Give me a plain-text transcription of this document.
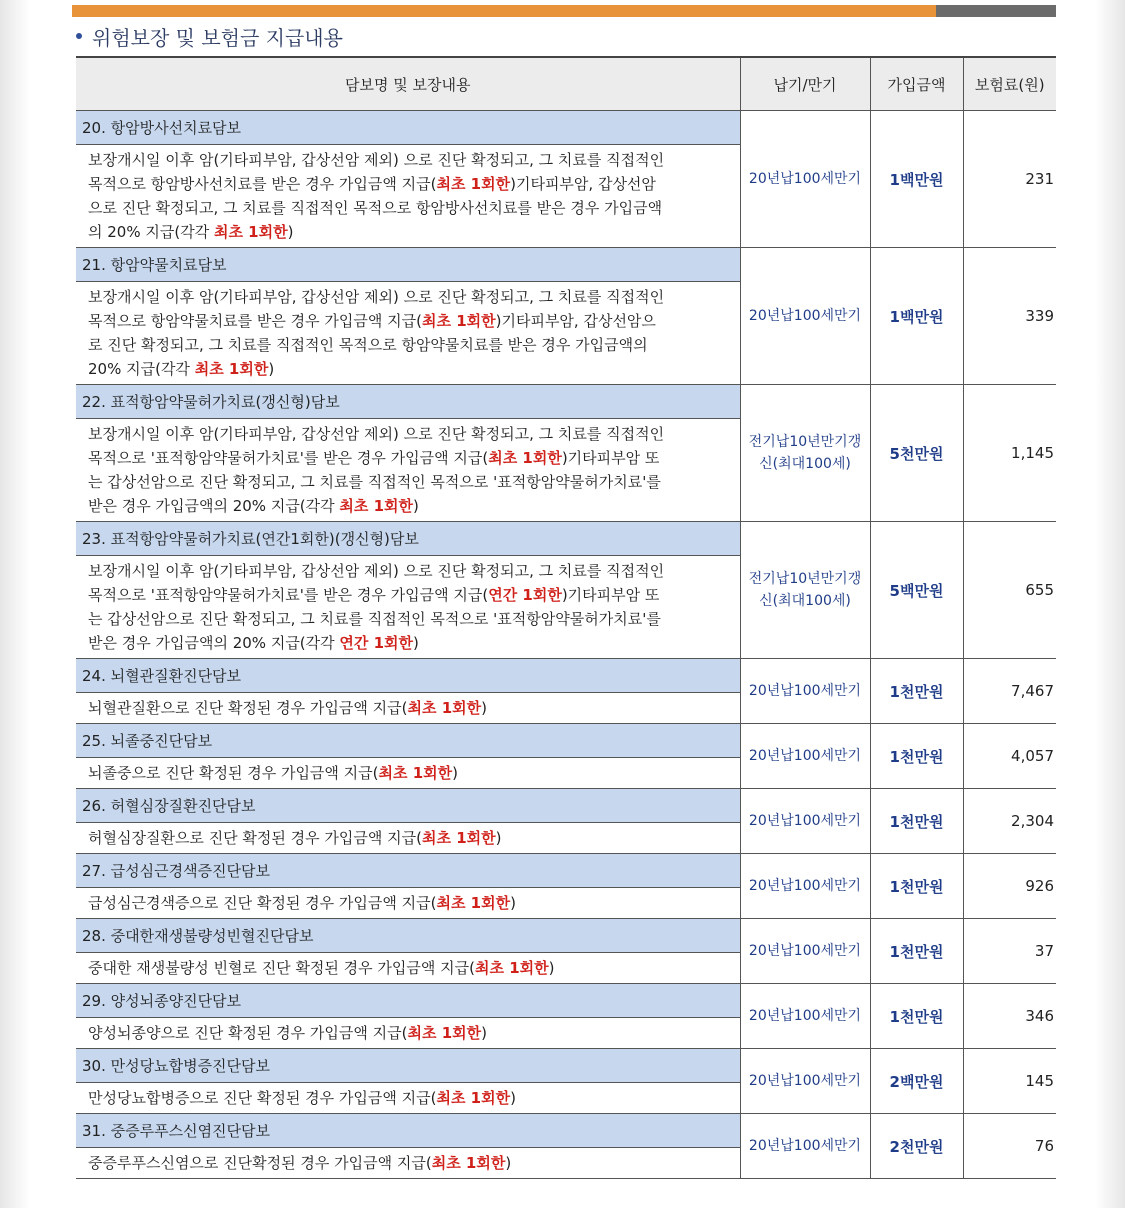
위험보장 및 보험금 지급내용
담보명 및 보장내용	납기/만기	가입금액	보험료(원)
20. 항암방사선치료담보	20년납100세만기	1백만원	231

보장개시일 이후 암(기타피부암, 갑상선암 제외) 으로 진단 확정되고, 그 치료를 직접적인
목적으로 항암방사선치료를 받은 경우 가입금액 지급(최초 1회한)기타피부암, 갑상선암
으로 진단 확정되고, 그 치료를 직접적인 목적으로 항암방사선치료를 받은 경우 가입금액
의 20% 지급(각각 최초 1회한)			

21. 항암약물치료담보	20년납100세만기	1백만원	339

보장개시일 이후 암(기타피부암, 갑상선암 제외) 으로 진단 확정되고, 그 치료를 직접적인
목적으로 항암약물치료를 받은 경우 가입금액 지급(최초 1회한)기타피부암, 갑상선암으
로 진단 확정되고, 그 치료를 직접적인 목적으로 항암약물치료를 받은 경우 가입금액의
20% 지급(각각 최초 1회한)			

22. 표적항암약물허가치료(갱신형)담보	전기납10년만기갱
신(최대100세)	5천만원	1,145

보장개시일 이후 암(기타피부암, 갑상선암 제외) 으로 진단 확정되고, 그 치료를 직접적인
목적으로 '표적항암약물허가치료'를 받은 경우 가입금액 지급(최초 1회한)기타피부암 또
는 갑상선암으로 진단 확정되고, 그 치료를 직접적인 목적으로 '표적항암약물허가치료'를
받은 경우 가입금액의 20% 지급(각각 최초 1회한)			

23. 표적항암약물허가치료(연간1회한)(갱신형)담보	전기납10년만기갱
신(최대100세)	5백만원	655

보장개시일 이후 암(기타피부암, 갑상선암 제외) 으로 진단 확정되고, 그 치료를 직접적인
목적으로 '표적항암약물허가치료'를 받은 경우 가입금액 지급(연간 1회한)기타피부암 또
는 갑상선암으로 진단 확정되고, 그 치료를 직접적인 목적으로 '표적항암약물허가치료'를
받은 경우 가입금액의 20% 지급(각각 연간 1회한)			

24. 뇌혈관질환진단담보	20년납100세만기	1천만원	7,467

뇌혈관질환으로 진단 확정된 경우 가입금액 지급(최초 1회한)			

25. 뇌졸중진단담보	20년납100세만기	1천만원	4,057

뇌졸중으로 진단 확정된 경우 가입금액 지급(최초 1회한)			

26. 허혈심장질환진단담보	20년납100세만기	1천만원	2,304

허혈심장질환으로 진단 확정된 경우 가입금액 지급(최초 1회한)			

27. 급성심근경색증진단담보	20년납100세만기	1천만원	926

급성심근경색증으로 진단 확정된 경우 가입금액 지급(최초 1회한)			

28. 중대한재생불량성빈혈진단담보	20년납100세만기	1천만원	37

중대한 재생불량성 빈혈로 진단 확정된 경우 가입금액 지급(최초 1회한)			

29. 양성뇌종양진단담보	20년납100세만기	1천만원	346

양성뇌종양으로 진단 확정된 경우 가입금액 지급(최초 1회한)			

30. 만성당뇨합병증진단담보	20년납100세만기	2백만원	145

만성당뇨합병증으로 진단 확정된 경우 가입금액 지급(최초 1회한)			

31. 중증루푸스신염진단담보	20년납100세만기	2천만원	76

중증루푸스신염으로 진단확정된 경우 가입금액 지급(최초 1회한)			
